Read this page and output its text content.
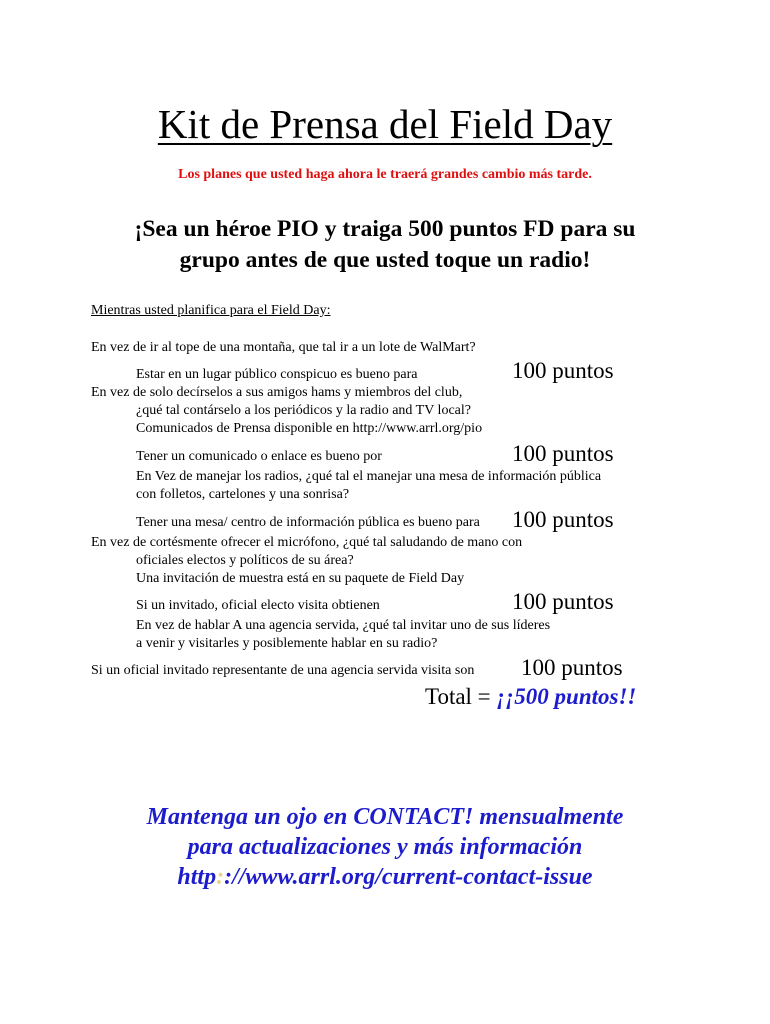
Kit de Prensa del Field Day
Los planes que usted haga ahora le traerá grandes cambio más tarde.
¡Sea un héroe PIO y traiga 500 puntos FD para su
grupo antes de que usted toque un radio!
Mientras usted planifica para el Field Day:
En vez de ir al tope de una montaña, que tal ir a un lote de WalMart?
Estar en un lugar público conspicuo es bueno para	100 puntos
En vez de solo decírselos a sus amigos hams y miembros del club,
¿qué tal contárselo a los periódicos y la radio and TV local?
Comunicados de Prensa disponible en http://www.arrl.org/pio
Tener un comunicado o enlace es bueno por	100 puntos
En Vez de manejar los radios, ¿qué tal el manejar una mesa de información pública
con folletos, cartelones y una sonrisa?
Tener una mesa/ centro de información pública es bueno para 100 puntos
En vez de cortésmente ofrecer el micrófono, ¿qué tal saludando de mano con
oficiales electos y políticos de su área?
Una invitación de muestra está en su paquete de Field Day
Si un invitado, oficial electo visita obtienen	100 puntos
En vez de hablar A una agencia servida, ¿qué tal invitar uno de sus líderes
a venir y visitarles y posiblemente hablar en su radio?
Si un oficial invitado representante de una agencia servida visita son 100 puntos
Total = ¡¡500 puntos!!
Mantenga un ojo en CONTACT! mensualmente
para actualizaciones y más información
http:://www.arrl.org/current-contact-issue
